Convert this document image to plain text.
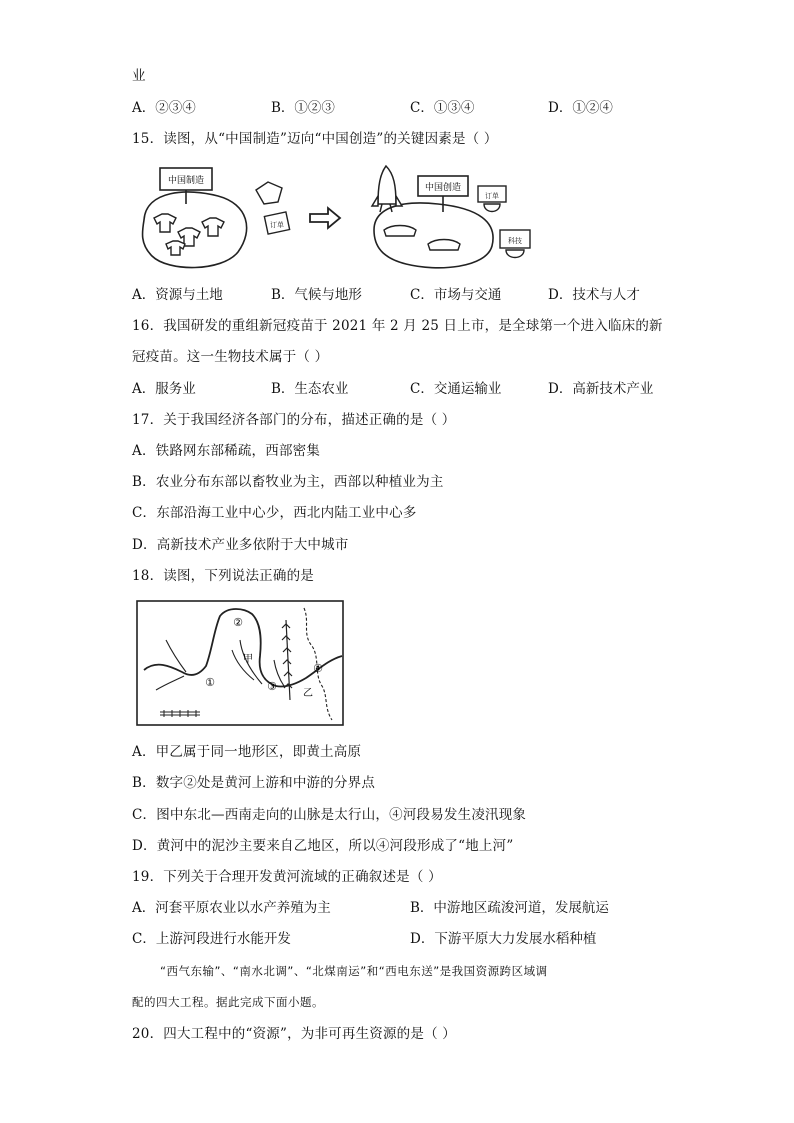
业
A．②③④	B．①②③	C．①③④	D．①②④
15．读图，从“中国制造”迈向“中国创造”的关键因素是（ ）
中国制造
订单
中国创造
订单
科技
A．资源与土地	B．气候与地形	C．市场与交通	D．技术与人才
16．我国研发的重组新冠疫苗于 2021 年 2 月 25 日上市，是全球第一个进入临床的新
冠疫苗。这一生物技术属于（ ）
A．服务业	B．生态农业	C．交通运输业	D．高新技术产业
17．关于我国经济各部门的分布，描述正确的是（ ）
A．铁路网东部稀疏，西部密集
B．农业分布东部以畜牧业为主，西部以种植业为主
C．东部沿海工业中心少，西北内陆工业中心多
D．高新技术产业多依附于大中城市
18．读图，下列说法正确的是
②
①	③
④
甲
乙
A．甲乙属于同一地形区，即黄土高原
B．数字②处是黄河上游和中游的分界点
C．图中东北—西南走向的山脉是太行山，④河段易发生凌汛现象
D．黄河中的泥沙主要来自乙地区，所以④河段形成了“地上河”
19．下列关于合理开发黄河流域的正确叙述是（ ）
A．河套平原农业以水产养殖为主	B．中游地区疏浚河道，发展航运
C．上游河段进行水能开发	D．下游平原大力发展水稻种植
“西气东输”、“南水北调”、“北煤南运”和“西电东送”是我国资源跨区域调
配的四大工程。据此完成下面小题。
20．四大工程中的“资源”，为非可再生资源的是（ ）
